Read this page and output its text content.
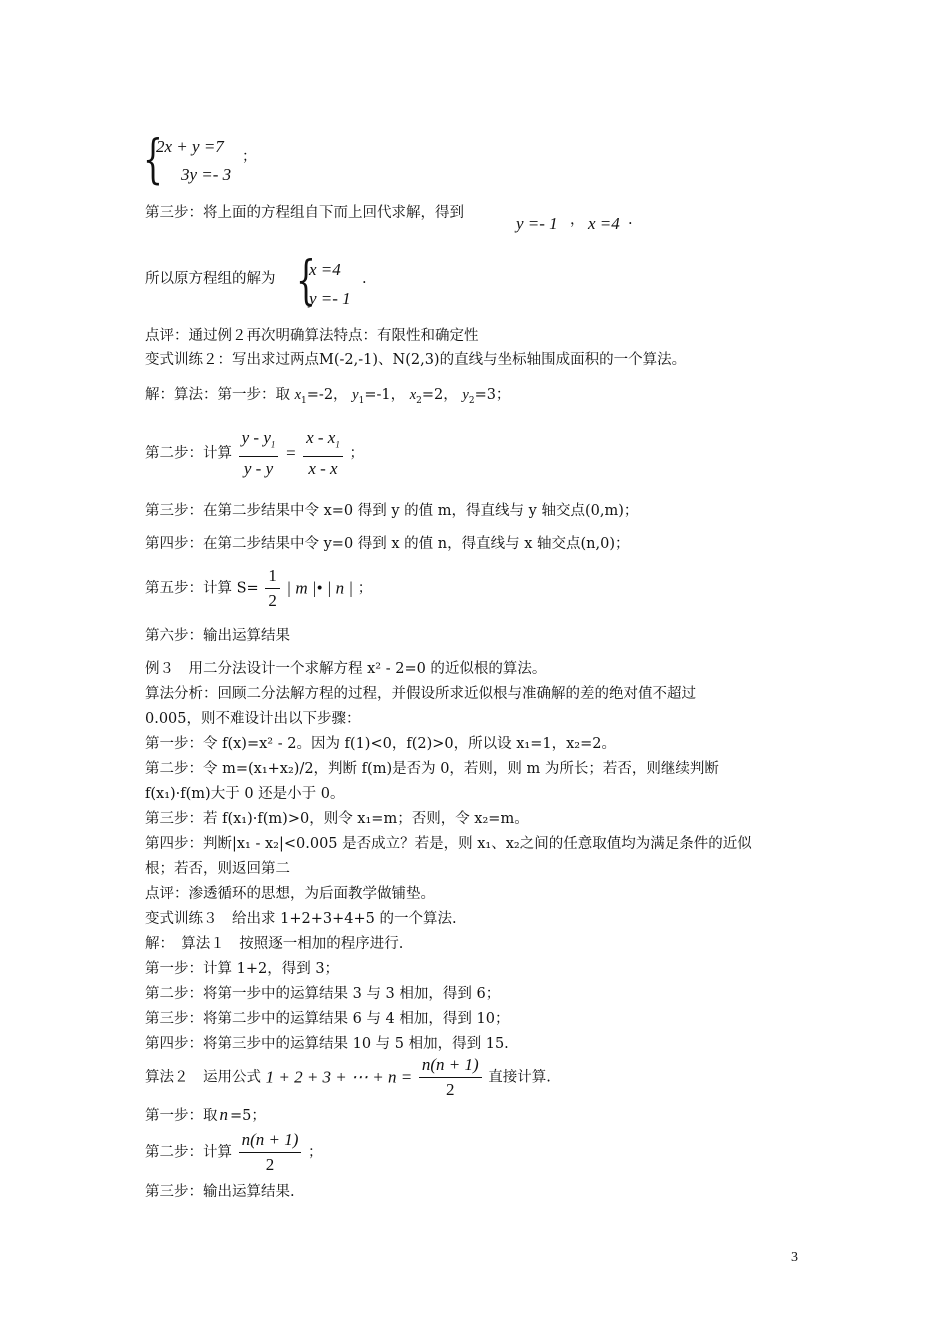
{
2x + y =7
3y =- 3
；
第三步：将上面的方程组自下而上回代求解，得到
y =- 1 ， x =4 .
所以原方程组的解为 {
x =4
y =- 1
.
点评：通过例２再次明确算法特点：有限性和确定性
变式训练２：写出求过两点M(-2,-1)、N(2,3)的直线与坐标轴围成面积的一个算法。
解：算法：第一步：取 $x_1=-2$， $y_1=-1$， $x_2=2$， $y_2=3$；
第二步：计算 $\frac{y - y_1}{y - y} = \frac{x - x_1}{x - x}$ ；
第三步：在第二步结果中令 x=0 得到 y 的值 m，得直线与 y 轴交点(0,m)；
第四步：在第二步结果中令 y=0 得到 x 的值 n，得直线与 x 轴交点(n,0)；
第五步：计算 $S= \frac{1}{2}$ | m |• | n | ；
第六步：输出运算结果
例３　用二分法设计一个求解方程 x² - 2=0 的近似根的算法。
算法分析：回顾二分法解方程的过程，并假设所求近似根与准确解的差的绝对值不超过
0.005，则不难设计出以下步骤：
第一步：令 f(x)=x² - 2。因为 f(1)<0，f(2)>0，所以设 x₁=1，x₂=2。
第二步：令 m=(x₁+x₂)/2，判断 f(m)是否为 0，若则，则 m 为所长；若否，则继续判断
f(x₁)·f(m)大于 0 还是小于 0。
第三步：若 f(x₁)·f(m)>0，则令 x₁=m；否则，令 x₂=m。
第四步：判断|x₁ - x₂|<0.005 是否成立？若是，则 x₁、x₂之间的任意取值均为满足条件的近似
根；若否，则返回第二
点评：渗透循环的思想，为后面教学做铺垫。
变式训练３　给出求 1+2+3+4+5 的一个算法.
解：　算法１　按照逐一相加的程序进行.
第一步：计算 1+2，得到 3；
第二步：将第一步中的运算结果 3 与 3 相加，得到 6；
第三步：将第二步中的运算结果 6 与 4 相加，得到 10；
第四步：将第三步中的运算结果 10 与 5 相加，得到 15.
算法２　运用公式 1 + 2 + 3 + ⋯ + $n = \frac{n(n + 1)}{2}$ 直接计算.
第一步：取 n =5；
第二步：计算 $\frac{n(n + 1)}{2}$ ；
第三步：输出运算结果.
3
